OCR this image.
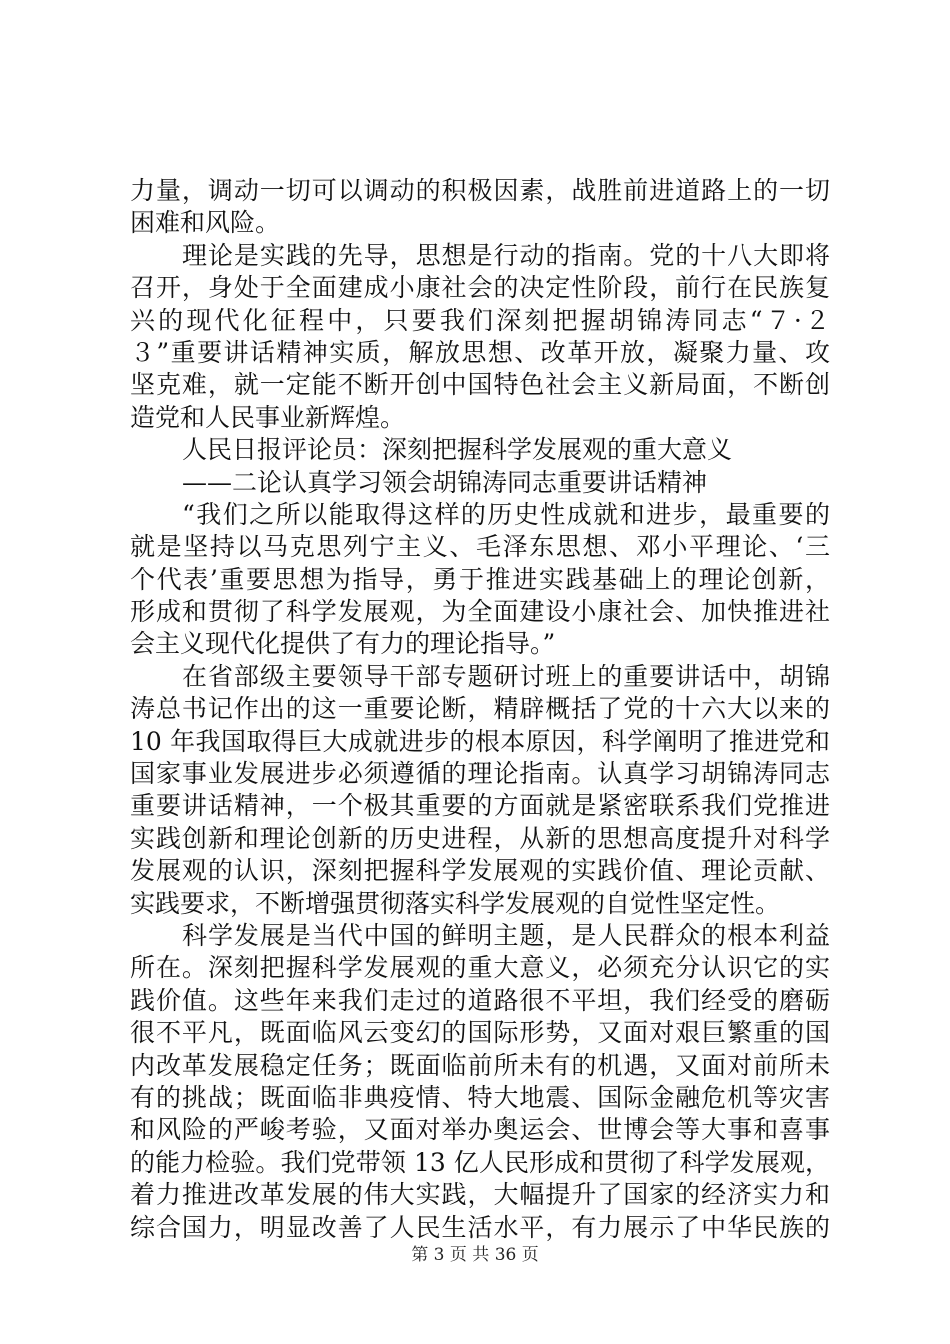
力量，调动一切可以调动的积极因素，战胜前进道路上的一切
困难和风险。
理论是实践的先导，思想是行动的指南。党的十八大即将
召开，身处于全面建成小康社会的决定性阶段，前行在民族复
兴的现代化征程中，只要我们深刻把握胡锦涛同志“７·２
３”重要讲话精神实质，解放思想、改革开放，凝聚力量、攻
坚克难，就一定能不断开创中国特色社会主义新局面，不断创
造党和人民事业新辉煌。
人民日报评论员：深刻把握科学发展观的重大意义
——二论认真学习领会胡锦涛同志重要讲话精神
“我们之所以能取得这样的历史性成就和进步，最重要的
就是坚持以马克思列宁主义、毛泽东思想、邓小平理论、‘三
个代表’重要思想为指导，勇于推进实践基础上的理论创新，
形成和贯彻了科学发展观，为全面建设小康社会、加快推进社
会主义现代化提供了有力的理论指导。”
在省部级主要领导干部专题研讨班上的重要讲话中，胡锦
涛总书记作出的这一重要论断，精辟概括了党的十六大以来的
10 年我国取得巨大成就进步的根本原因，科学阐明了推进党和
国家事业发展进步必须遵循的理论指南。认真学习胡锦涛同志
重要讲话精神，一个极其重要的方面就是紧密联系我们党推进
实践创新和理论创新的历史进程，从新的思想高度提升对科学
发展观的认识，深刻把握科学发展观的实践价值、理论贡献、
实践要求，不断增强贯彻落实科学发展观的自觉性坚定性。
科学发展是当代中国的鲜明主题，是人民群众的根本利益
所在。深刻把握科学发展观的重大意义，必须充分认识它的实
践价值。这些年来我们走过的道路很不平坦，我们经受的磨砺
很不平凡，既面临风云变幻的国际形势，又面对艰巨繁重的国
内改革发展稳定任务；既面临前所未有的机遇，又面对前所未
有的挑战；既面临非典疫情、特大地震、国际金融危机等灾害
和风险的严峻考验，又面对举办奥运会、世博会等大事和喜事
的能力检验。我们党带领 13 亿人民形成和贯彻了科学发展观，
着力推进改革发展的伟大实践，大幅提升了国家的经济实力和
综合国力，明显改善了人民生活水平，有力展示了中华民族的
第 3 页 共 36 页
